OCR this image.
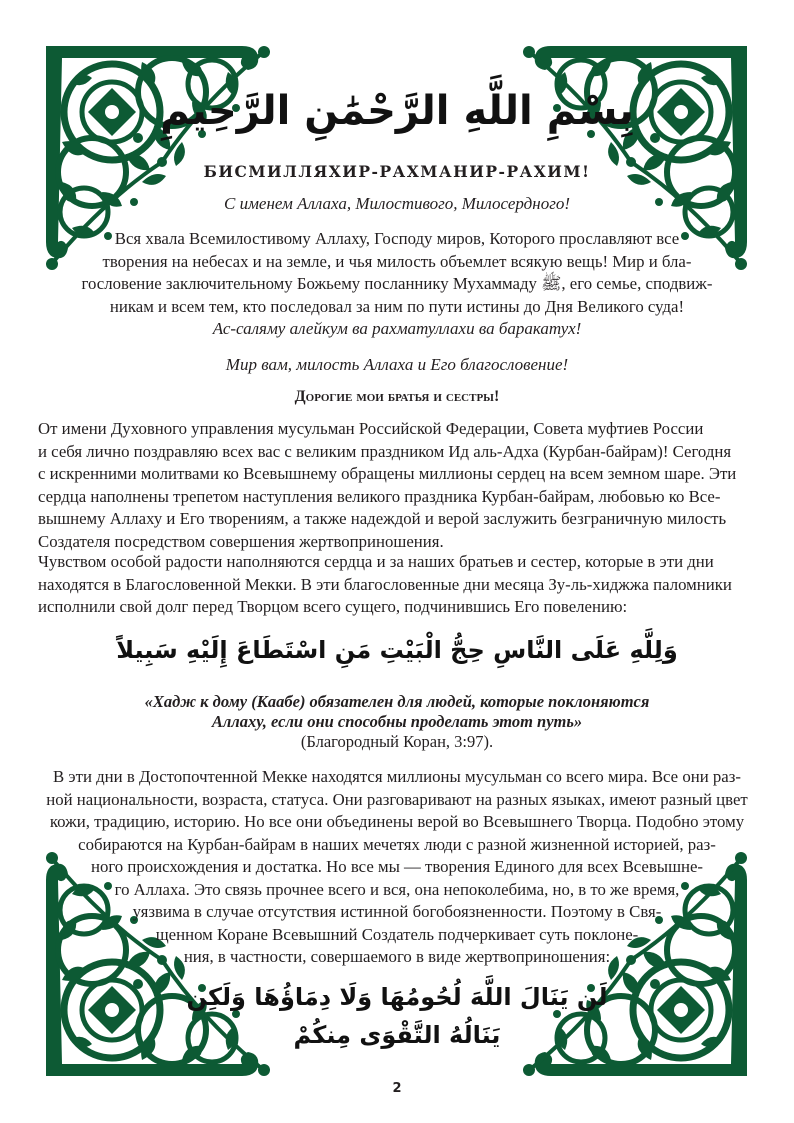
بِسْمِ اللَّهِ الرَّحْمَٰنِ الرَّحِيمِ
БИСМИЛЛЯХИР-РАХМАНИР-РАХИМ!
С именем Аллаха, Милостивого, Милосердного!
Вся хвала Всемилостивому Аллаху, Господу миров, Которого прославляют все
творения на небесах и на земле, и чья милость объемлет всякую вещь! Мир и бла-
гословение заключительному Божьему посланнику Мухаммаду ﷺ, его семье, сподвиж-
никам и всем тем, кто последовал за ним по пути истины до Дня Великого суда!
Ас-саляму алейкум ва рахматуллахи ва баракатух!
Мир вам, милость Аллаха и Его благословение!
Дорогие мои братья и сестры!
От имени Духовного управления мусульман Российской Федерации, Совета муфтиев России
и себя лично поздравляю всех вас с великим праздником Ид аль-Адха (Курбан-байрам)! Сегодня
с искренними молитвами ко Всевышнему обращены миллионы сердец на всем земном шаре. Эти
сердца наполнены трепетом наступления великого праздника Курбан-байрам, любовью ко Все-
вышнему Аллаху и Его творениям, а также надеждой и верой заслужить безграничную милость
Создателя посредством совершения жертвоприношения.
Чувством особой радости наполняются сердца и за наших братьев и сестер, которые в эти дни
находятся в Благословенной Мекки. В эти благословенные дни месяца Зу-ль-хиджжа паломники
исполнили свой долг перед Творцом всего сущего, подчинившись Его повелению:
وَلِلَّهِ عَلَى النَّاسِ حِجُّ الْبَيْتِ مَنِ اسْتَطَاعَ إِلَيْهِ سَبِيلاً
«Хадж к дому (Каабе) обязателен для людей, которые поклоняются
Аллаху, если они способны проделать этот путь»
(Благородный Коран, 3:97).
В эти дни в Достопочтенной Мекке находятся миллионы мусульман со всего мира. Все они раз-
ной национальности, возраста, статуса. Они разговаривают на разных языках, имеют разный цвет
кожи, традицию, историю. Но все они объединены верой во Всевышнего Творца. Подобно этому
собираются на Курбан-байрам в наших мечетях люди с разной жизненной историей, раз-
ного происхождения и достатка. Но все мы — творения Единого для всех Всевышне-
го Аллаха. Это связь прочнее всего и вся, она непоколебима, но, в то же время,
уязвима в случае отсутствия истинной богобоязненности. Поэтому в Свя-
щенном Коране Всевышний Создатель подчеркивает суть поклоне-
ния, в частности, совершаемого в виде жертвоприношения:
لَن يَنَالَ اللَّهَ لُحُومُهَا وَلَا دِمَاؤُهَا وَلَكِن
يَنَالُهُ التَّقْوَى مِنكُمْ
2
